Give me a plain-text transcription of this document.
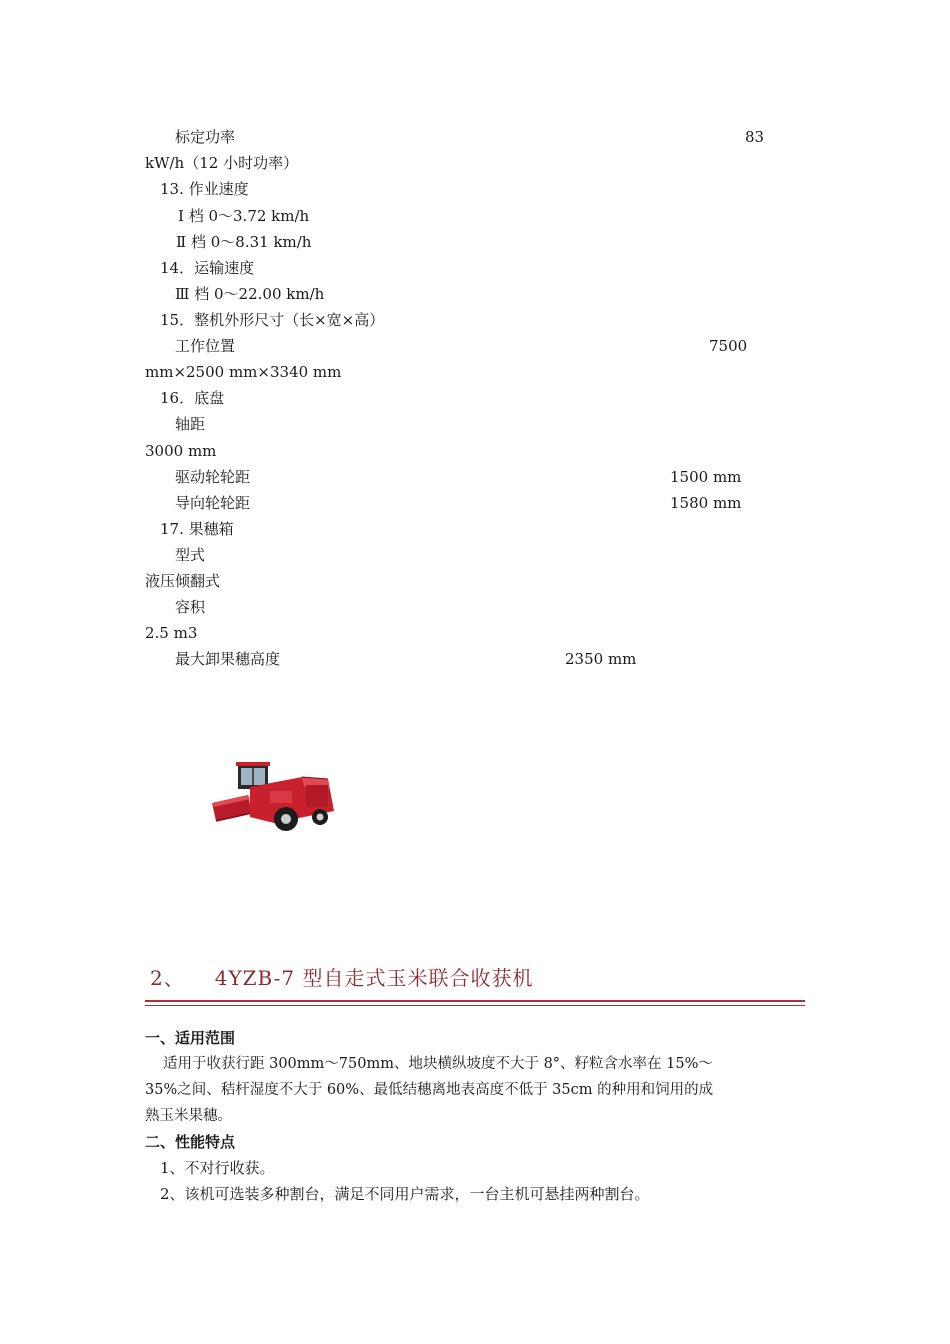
标定功率	83
kW/h（12 小时功率）
13. 作业速度
Ⅰ 档 0～3.72 km/h
Ⅱ 档 0～8.31 km/h
14．运输速度
Ⅲ 档 0～22.00 km/h
15．整机外形尺寸（长×宽×高）
工作位置	7500
mm×2500 mm×3340 mm
16．底盘
轴距
3000 mm
驱动轮轮距	1500 mm
导向轮轮距	1580 mm
17. 果穗箱
型式
液压倾翻式
容积
2.5 m3
最大卸果穗高度	2350 mm
2、 4YZB-7 型自走式玉米联合收获机
一、适用范围
适用于收获行距 300mm～750mm、地块横纵坡度不大于 8°、籽粒含水率在 15%～
35%之间、秸杆湿度不大于 60%、最低结穗离地表高度不低于 35cm 的种用和饲用的成
熟玉米果穗。
二、性能特点
1、不对行收获。
2、该机可选装多种割台，满足不同用户需求，一台主机可悬挂两种割台。
